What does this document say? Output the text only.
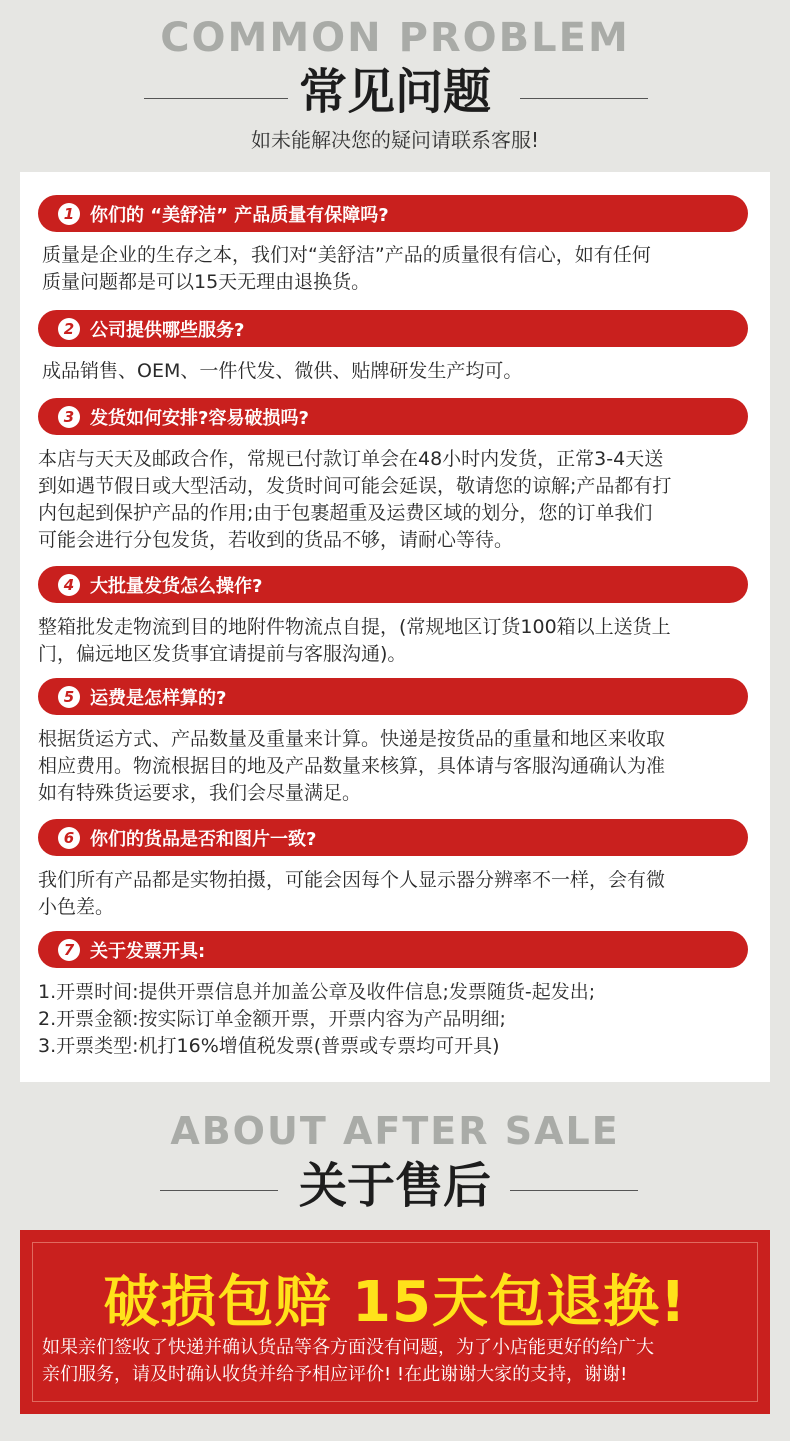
COMMON PROBLEM
常见问题
如未能解决您的疑问请联系客服!
1 你们的 “美舒洁” 产品质量有保障吗?
质量是企业的生存之本，我们对“美舒洁”产品的质量很有信心，如有任何
质量问题都是可以15天无理由退换货。
2 公司提供哪些服务?
成品销售、OEM、一件代发、微供、贴牌研发生产均可。
3 发货如何安排?容易破损吗?
本店与天天及邮政合作，常规已付款订单会在48小时内发货，正常3-4天送
到如遇节假日或大型活动，发货时间可能会延误，敬请您的谅解;产品都有打
内包起到保护产品的作用;由于包裹超重及运费区域的划分，您的订单我们
可能会进行分包发货，若收到的货品不够，请耐心等待。
4 大批量发货怎么操作?
整箱批发走物流到目的地附件物流点自提，(常规地区订货100箱以上送货上
门，偏远地区发货事宜请提前与客服沟通)。
5 运费是怎样算的?
根据货运方式、产品数量及重量来计算。快递是按货品的重量和地区来收取
相应费用。物流根据目的地及产品数量来核算，具体请与客服沟通确认为准
如有特殊货运要求，我们会尽量满足。
6 你们的货品是否和图片一致?
我们所有产品都是实物拍摄，可能会因每个人显示器分辨率不一样，会有微
小色差。
7 关于发票开具:
1.开票时间:提供开票信息并加盖公章及收件信息;发票随货-起发出;
2.开票金额:按实际订单金额开票，开票内容为产品明细;
3.开票类型:机打16%增值税发票(普票或专票均可开具)
ABOUT AFTER SALE
关于售后
破损包赔 15天包退换!
如果亲们签收了快递并确认货品等各方面没有问题，为了小店能更好的给广大
亲们服务，请及时确认收货并给予相应评价! !在此谢谢大家的支持，谢谢!
